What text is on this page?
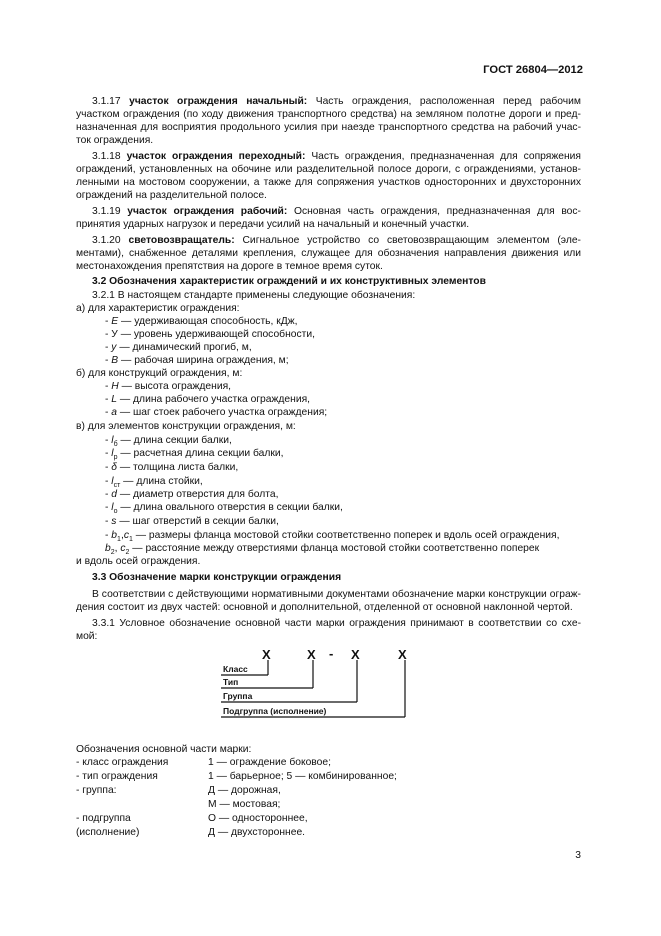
ГОСТ 26804—2012
3.1.17 участок ограждения начальный: Часть ограждения, расположенная перед рабочим
участком ограждения (по ходу движения транспортного средства) на земляном полотне дороги и пред-
назначенная для восприятия продольного усилия при наезде транспортного средства на рабочий учас-
ток ограждения.
3.1.18 участок ограждения переходный: Часть ограждения, предназначенная для сопряжения
ограждений, установленных на обочине или разделительной полосе дороги, с ограждениями, установ-
ленными на мостовом сооружении, а также для сопряжения участков односторонних и двухсторонних
ограждений на разделительной полосе.
3.1.19 участок ограждения рабочий: Основная часть ограждения, предназначенная для вос-
принятия ударных нагрузок и передачи усилий на начальный и конечный участки.
3.1.20 световозвращатель: Сигнальное устройство со световозвращающим элементом (эле-
ментами), снабженное деталями крепления, служащее для обозначения направления движения или
местонахождения препятствия на дороге в темное время суток.
3.2 Обозначения характеристик ограждений и их конструктивных элементов
3.2.1 В настоящем стандарте применены следующие обозначения:
а) для характеристик ограждения:
- E — удерживающая способность, кДж,
- У — уровень удерживающей способности,
- y — динамический прогиб, м,
- B — рабочая ширина ограждения, м;
б) для конструкций ограждения, м:
- H — высота ограждения,
- L — длина рабочего участка ограждения,
- a — шаг стоек рабочего участка ограждения;
в) для элементов конструкции ограждения, м:
- $l_б$ — длина секции балки,
- $l_р$ — расчетная длина секции балки,
- δ — толщина листа балки,
- $l_{ст}$ — длина стойки,
- d — диаметр отверстия для болта,
- $l_о$ — длина овального отверстия в секции балки,
- s — шаг отверстий в секции балки,
- $b_1,c_1$ — размеры фланца мостовой стойки соответственно поперек и вдоль осей ограждения,
$b_2$, $c_2$ — расстояние между отверстиями фланца мостовой стойки соответственно поперек
и вдоль осей ограждения.
3.3 Обозначение марки конструкции ограждения
В соответствии с действующими нормативными документами обозначение марки конструкции ограж-
дения состоит из двух частей: основной и дополнительной, отделенной от основной наклонной чертой.
3.3.1 Условное обозначение основной части марки ограждения принимают в соответствии со схе-
мой:
X	X - X	X
Класс
Тип
Группа
Подгруппа (исполнение)
Обозначения основной части марки:
- класс ограждения	1 — ограждение боковое;
- тип ограждения	1 — барьерное; 5 — комбинированное;
- группа:	Д — дорожная,
М — мостовая;
- подгруппа	О — одностороннее,
(исполнение)	Д — двухстороннее.
3
